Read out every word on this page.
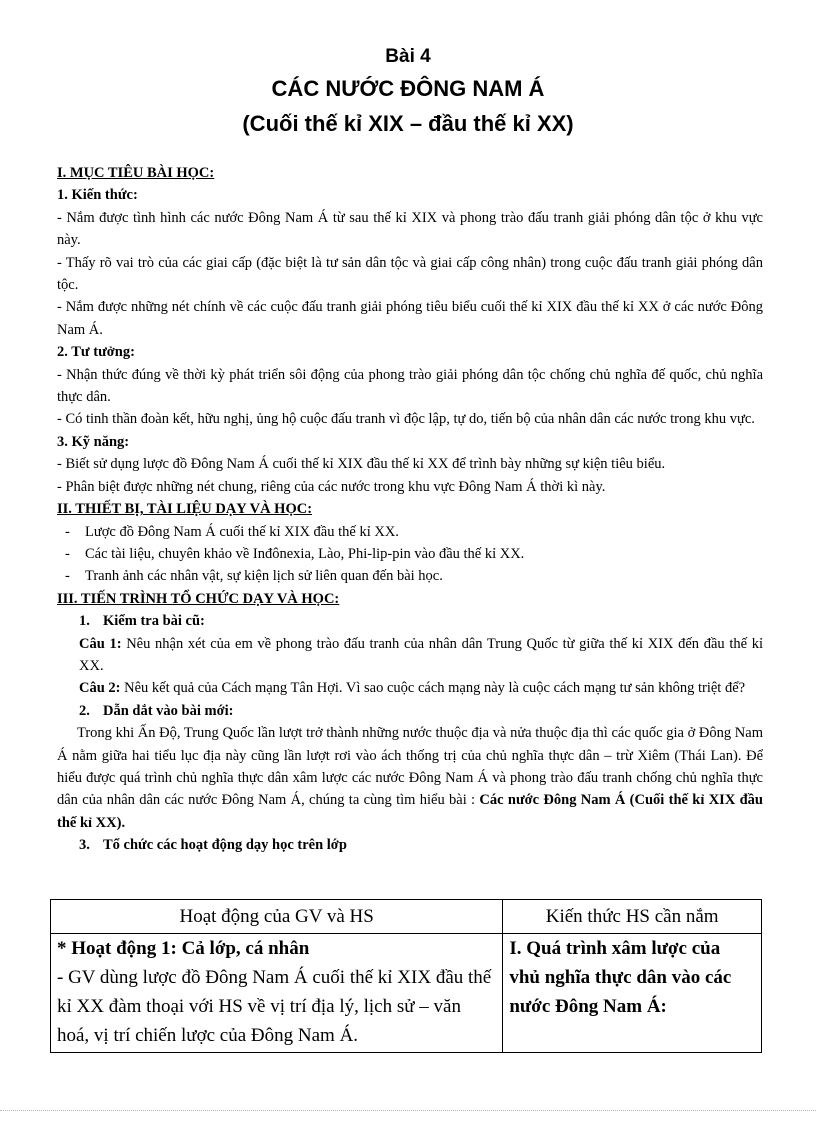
Bài 4
CÁC NƯỚC ĐÔNG NAM Á
(Cuối thế kỉ XIX – đầu thế kỉ XX)

I. MỤC TIÊU BÀI HỌC:

1. Kiến thức:

- Nắm được tình hình các nước Đông Nam Á từ sau thế kỉ XIX và phong trào đấu tranh giải phóng dân tộc ở khu vực này.

- Thấy rõ vai trò của các giai cấp (đặc biệt là tư sản dân tộc và giai cấp công nhân) trong cuộc đấu tranh giải phóng dân tộc.

- Nắm được những nét chính về các cuộc đấu tranh giải phóng tiêu biểu cuối thế kỉ XIX đầu thế kỉ XX ở các nước Đông Nam Á.

2. Tư tưởng:

- Nhận thức đúng về thời kỳ phát triển sôi động của phong trào giải phóng dân tộc chống chủ nghĩa đế quốc, chủ nghĩa thực dân.

- Có tinh thần đoàn kết, hữu nghị, ủng hộ cuộc đấu tranh vì độc lập, tự do, tiến bộ của nhân dân các nước trong khu vực.

3. Kỹ năng:

- Biết sử dụng lược đồ Đông Nam Á cuối thế kỉ XIX đầu thế kỉ XX để trình bày những sự kiện tiêu biểu.

- Phân biệt được những nét chung, riêng của các nước trong khu vực Đông Nam Á thời kì này.

II. THIẾT BỊ, TÀI LIỆU DẠY VÀ HỌC:

- Lược đồ Đông Nam Á cuối thế kỉ XIX đầu thế kỉ XX.

- Các tài liệu, chuyên khảo về Inđônexia, Lào, Phi-lip-pin vào đầu thế kỉ XX.

- Tranh ảnh các nhân vật, sự kiện lịch sử liên quan đến bài học.

III. TIẾN TRÌNH TỔ CHỨC DẠY VÀ HỌC:

1. Kiểm tra bài cũ:

Câu 1: Nêu nhận xét của em về phong trào đấu tranh của nhân dân Trung Quốc từ giữa thế kỉ XIX đến đầu thế kỉ XX.

Câu 2: Nêu kết quả của Cách mạng Tân Hợi. Vì sao cuộc cách mạng này là cuộc cách mạng tư sản không triệt để?

2. Dẫn dắt vào bài mới:

Trong khi Ấn Độ, Trung Quốc lần lượt trở thành những nước thuộc địa và nửa thuộc địa thì các quốc gia ở Đông Nam Á nằm giữa hai tiểu lục địa này cũng lần lượt rơi vào ách thống trị của chủ nghĩa thực dân – trừ Xiêm (Thái Lan). Để hiểu được quá trình chủ nghĩa thực dân xâm lược các nước Đông Nam Á và phong trào đấu tranh chống chủ nghĩa thực dân của nhân dân các nước Đông Nam Á, chúng ta cùng tìm hiểu bài : Các nước Đông Nam Á (Cuối thế kỉ XIX đầu thế kỉ XX).

3. Tổ chức các hoạt động dạy học trên lớp

Hoạt động của GV và HS	Kiến thức HS cần nắm

* Hoạt động 1: Cả lớp, cá nhân
- GV dùng lược đồ Đông Nam Á cuối thế kỉ XIX đầu thế kỉ XX đàm thoại với HS về vị trí địa lý, lịch sử – văn hoá, vị trí chiến lược của Đông Nam Á.	I. Quá trình xâm lược của vhủ nghĩa thực dân vào các nước Đông Nam Á:
